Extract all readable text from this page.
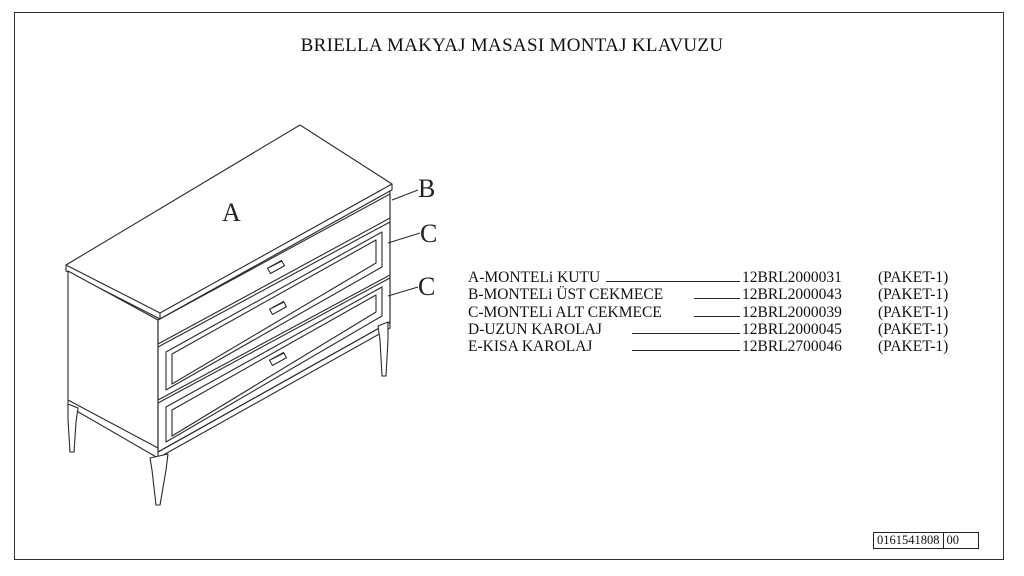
BRIELLA MAKYAJ MASASI MONTAJ KLAVUZU
A
B
C
C A-MONTELi KUTU	12BRL2000031 (PAKET-1)
B-MONTELi ÜST CEKMECE	12BRL2000043 (PAKET-1)
C-MONTELi ALT CEKMECE	12BRL2000039 (PAKET-1)
D-UZUN KAROLAJ	12BRL2000045 (PAKET-1)
E-KISA KAROLAJ	12BRL2700046 (PAKET-1)
0161541808 00
